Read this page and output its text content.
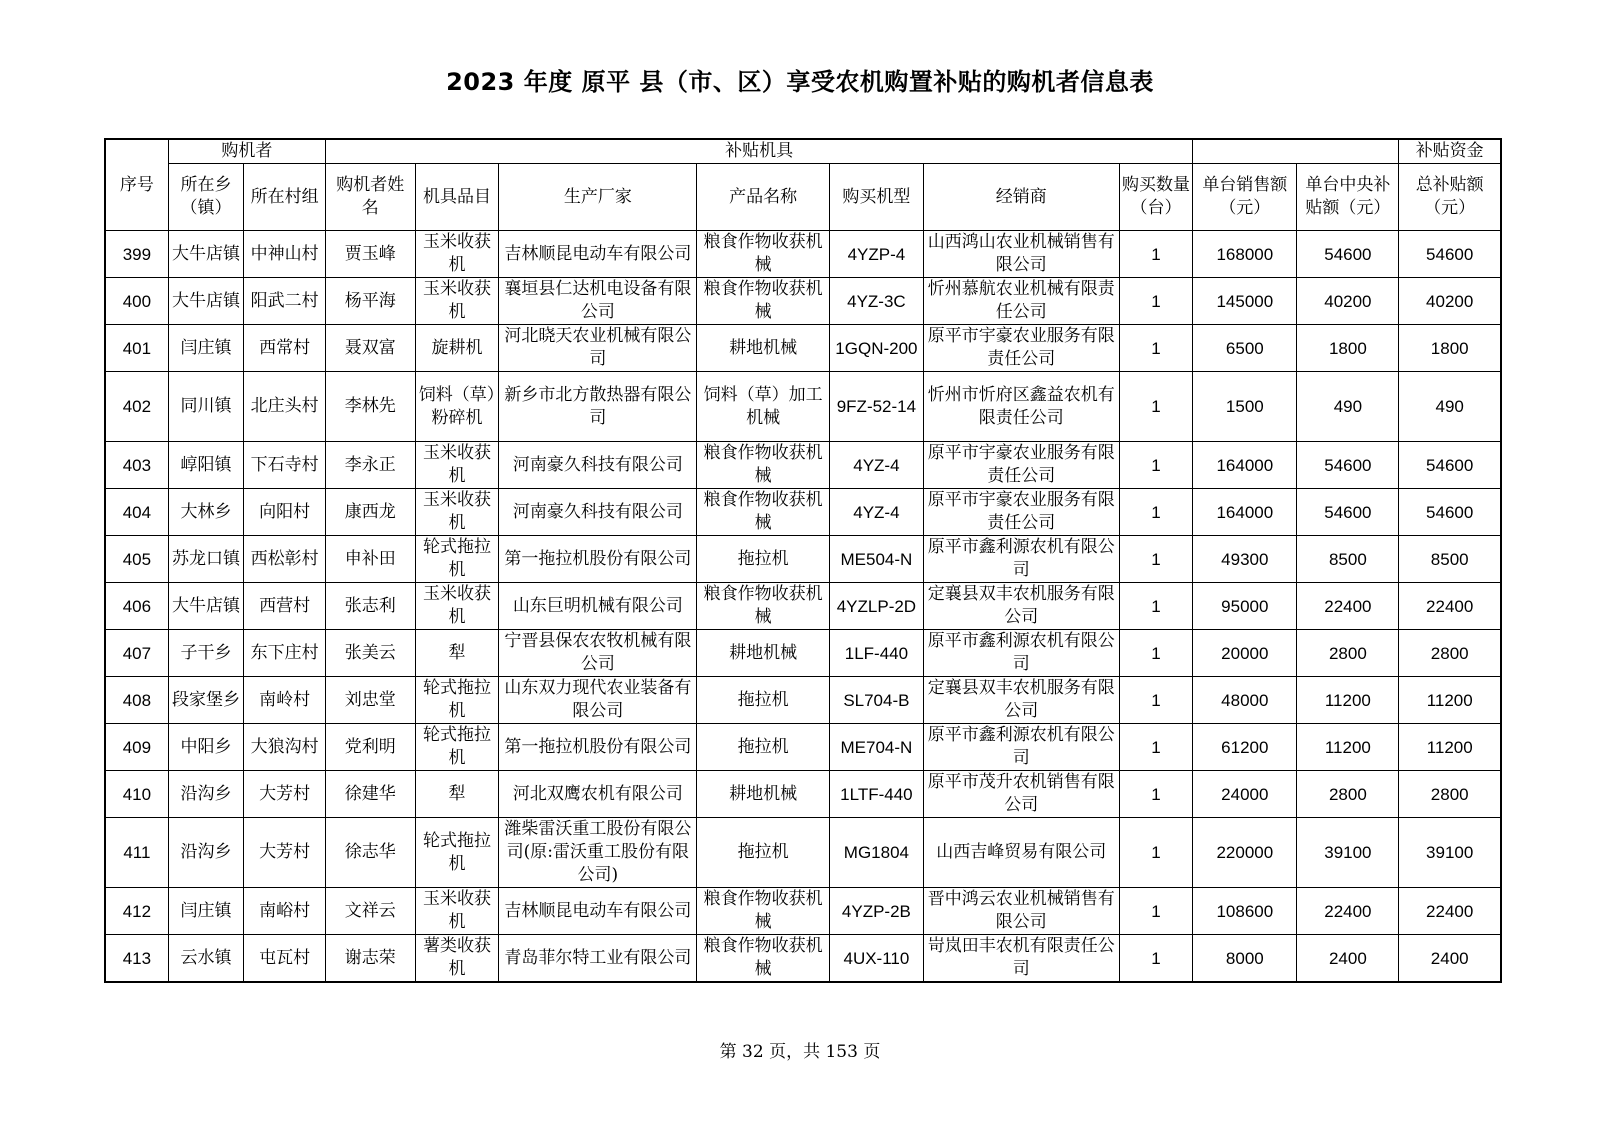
2023 年度 原平 县（市、区）享受农机购置补贴的购机者信息表
序号	购机者		补贴机具									补贴资金
	所在乡（镇）	所在村组	购机者姓名	机具品目	生产厂家	产品名称	购买机型	经销商	购买数量（台）	单台销售额（元）	单台中央补贴额（元）	总补贴额（元）
399	大牛店镇	中神山村	贾玉峰	玉米收获机	吉林顺昆电动车有限公司	粮食作物收获机械	4YZP-4	山西鸿山农业机械销售有限公司	1	168000	54600	54600
400	大牛店镇	阳武二村	杨平海	玉米收获机	襄垣县仁达机电设备有限公司	粮食作物收获机械	4YZ-3C	忻州慕航农业机械有限责任公司	1	145000	40200	40200
401	闫庄镇	西常村	聂双富	旋耕机	河北晓天农业机械有限公司	耕地机械	1GQN-200	原平市宇豪农业服务有限责任公司	1	6500	1800	1800
402	同川镇	北庄头村	李林先	饲料（草）粉碎机	新乡市北方散热器有限公司	饲料（草）加工机械	9FZ-52-14	忻州市忻府区鑫益农机有限责任公司	1	1500	490	490
403	崞阳镇	下石寺村	李永正	玉米收获机	河南豪久科技有限公司	粮食作物收获机械	4YZ-4	原平市宇豪农业服务有限责任公司	1	164000	54600	54600
404	大林乡	向阳村	康西龙	玉米收获机	河南豪久科技有限公司	粮食作物收获机械	4YZ-4	原平市宇豪农业服务有限责任公司	1	164000	54600	54600
405	苏龙口镇	西松彰村	申补田	轮式拖拉机	第一拖拉机股份有限公司	拖拉机	ME504-N	原平市鑫利源农机有限公司	1	49300	8500	8500
406	大牛店镇	西营村	张志利	玉米收获机	山东巨明机械有限公司	粮食作物收获机械	4YZLP-2D	定襄县双丰农机服务有限公司	1	95000	22400	22400
407	子干乡	东下庄村	张美云	犁	宁晋县保农农牧机械有限公司	耕地机械	1LF-440	原平市鑫利源农机有限公司	1	20000	2800	2800
408	段家堡乡	南岭村	刘忠堂	轮式拖拉机	山东双力现代农业装备有限公司	拖拉机	SL704-B	定襄县双丰农机服务有限公司	1	48000	11200	11200
409	中阳乡	大狼沟村	党利明	轮式拖拉机	第一拖拉机股份有限公司	拖拉机	ME704-N	原平市鑫利源农机有限公司	1	61200	11200	11200
410	沿沟乡	大芳村	徐建华	犁	河北双鹰农机有限公司	耕地机械	1LTF-440	原平市茂升农机销售有限公司	1	24000	2800	2800
411	沿沟乡	大芳村	徐志华	轮式拖拉机	潍柴雷沃重工股份有限公司(原:雷沃重工股份有限公司)	拖拉机	MG1804	山西吉峰贸易有限公司	1	220000	39100	39100
412	闫庄镇	南峪村	文祥云	玉米收获机	吉林顺昆电动车有限公司	粮食作物收获机械	4YZP-2B	晋中鸿云农业机械销售有限公司	1	108600	22400	22400
413	云水镇	屯瓦村	谢志荣	薯类收获机	青岛菲尔特工业有限公司	粮食作物收获机械	4UX-110	岢岚田丰农机有限责任公司	1	8000	2400	2400
第 32 页，共 153 页
